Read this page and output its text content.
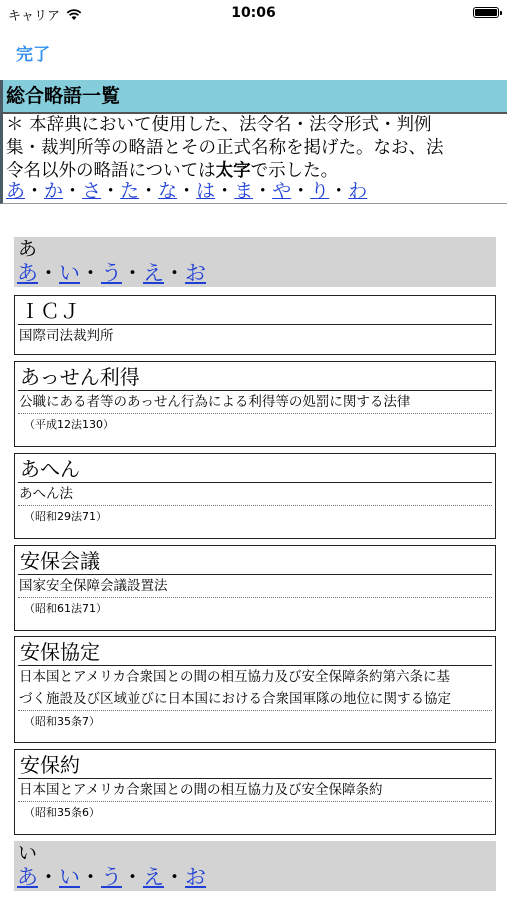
キャリア	10:06
完了
総合略語一覧
＊ 本辞典において使用した、法令名・法令形式・判例
集・裁判所等の略語とその正式名称を掲げた。なお、法
令名以外の略語については太字で示した。
あ・か・さ・た・な・は・ま・や・り・わ
あ
あ・い・う・え・お
ＩＣＪ
国際司法裁判所
あっせん利得
公職にある者等のあっせん行為による利得等の処罰に関する法律
（平成12法130）
あへん
あへん法
（昭和29法71）
安保会議
国家安全保障会議設置法
（昭和61法71）
安保協定
日本国とアメリカ合衆国との間の相互協力及び安全保障条約第六条に基
づく施設及び区域並びに日本国における合衆国軍隊の地位に関する協定
（昭和35条7）
安保約
日本国とアメリカ合衆国との間の相互協力及び安全保障条約
（昭和35条6）
い
あ・い・う・え・お
